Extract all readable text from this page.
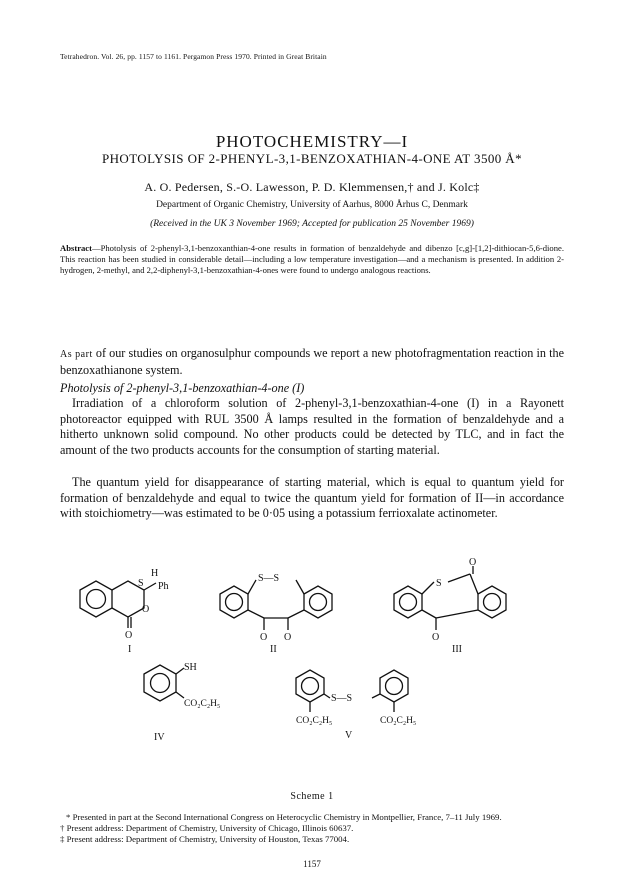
Tetrahedron. Vol. 26, pp. 1157 to 1161. Pergamon Press 1970. Printed in Great Britain
PHOTOCHEMISTRY—I
PHOTOLYSIS OF 2-PHENYL-3,1-BENZOXATHIAN-4-ONE AT 3500 Å*
A. O. Pedersen, S.-O. Lawesson, P. D. Klemmensen,† and J. Kolc‡
Department of Organic Chemistry, University of Aarhus, 8000 Århus C, Denmark
(Received in the UK 3 November 1969; Accepted for publication 25 November 1969)
Abstract—Photolysis of 2-phenyl-3,1-benzoxanthian-4-one results in formation of benzaldehyde and dibenzo [c,g]-[1,2]-dithiocan-5,6-dione. This reaction has been studied in considerable detail—including a low temperature investigation—and a mechanism is presented. In addition 2-hydrogen, 2-methyl, and 2,2-diphenyl-3,1-benzoxathian-4-ones were found to undergo analogous reactions.
As part of our studies on organosulphur compounds we report a new photofragmentation reaction in the benzoxathianone system.
Photolysis of 2-phenyl-3,1-benzoxathian-4-one (I)
Irradiation of a chloroform solution of 2-phenyl-3,1-benzoxathian-4-one (I) in a Rayonett photoreactor equipped with RUL 3500 Å lamps resulted in the formation of benzaldehyde and a hitherto unknown solid compound. No other products could be detected by TLC, and in fact the amount of the two products accounts for the consumption of starting material.
The quantum yield for disappearance of starting material, which is equal to quantum yield for formation of benzaldehyde and equal to twice the quantum yield for formation of II—in accordance with stoichiometry—was estimated to be 0·05 using a potassium ferrioxalate actinometer.
S
H
Ph
O
O
S—S
O O
S
O
O
SH
CO₂C₂H₅	S—S
CO₂C₂H₅	CO₂C₂H₅
I	II	III
IV	V
Scheme 1
* Presented in part at the Second International Congress on Heterocyclic Chemistry in Montpellier, France, 7–11 July 1969.
† Present address: Department of Chemistry, University of Chicago, Illinois 60637.
‡ Present address: Department of Chemistry, University of Houston, Texas 77004.
1157
